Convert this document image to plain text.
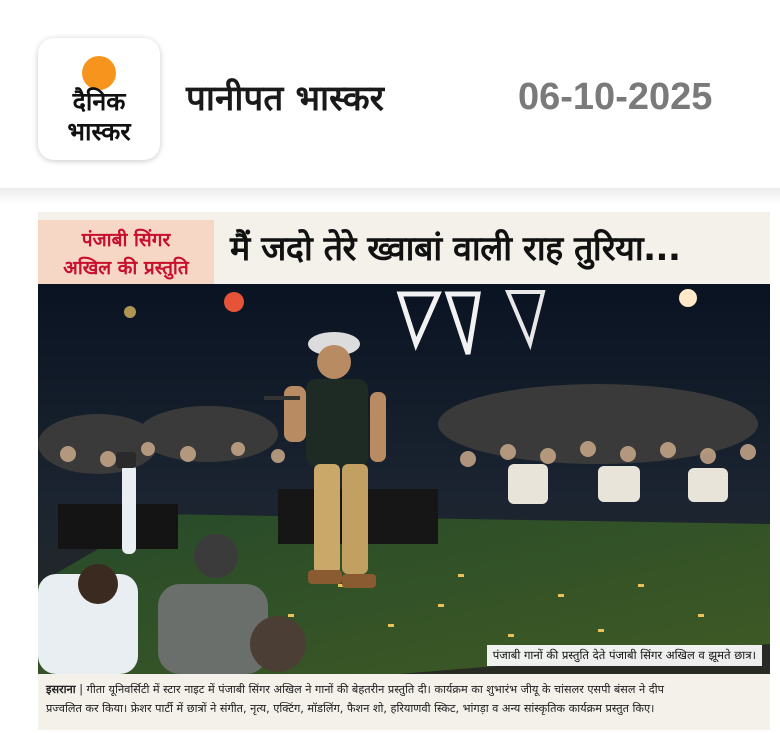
दैनिक
भास्कर
पानीपत भास्कर	06-10-2025
पंजाबी सिंगर
अखिल की प्रस्तुति	मैं जदो तेरे ख्वाबां वाली राह तुरिया...
पंजाबी गानों की प्रस्तुति देते पंजाबी सिंगर अखिल व झूमते छात्र।
इसराना | गीता यूनिवर्सिटी में स्टार नाइट में पंजाबी सिंगर अखिल ने गानों की बेहतरीन प्रस्तुति दी। कार्यक्रम का शुभारंभ जीयू के चांसलर एसपी बंसल ने दीप
प्रज्वलित कर किया। फ्रेशर पार्टी में छात्रों ने संगीत, नृत्य, एक्टिंग, मॉडलिंग, फैशन शो, हरियाणवी स्किट, भांगड़ा व अन्य सांस्कृतिक कार्यक्रम प्रस्तुत किए।
